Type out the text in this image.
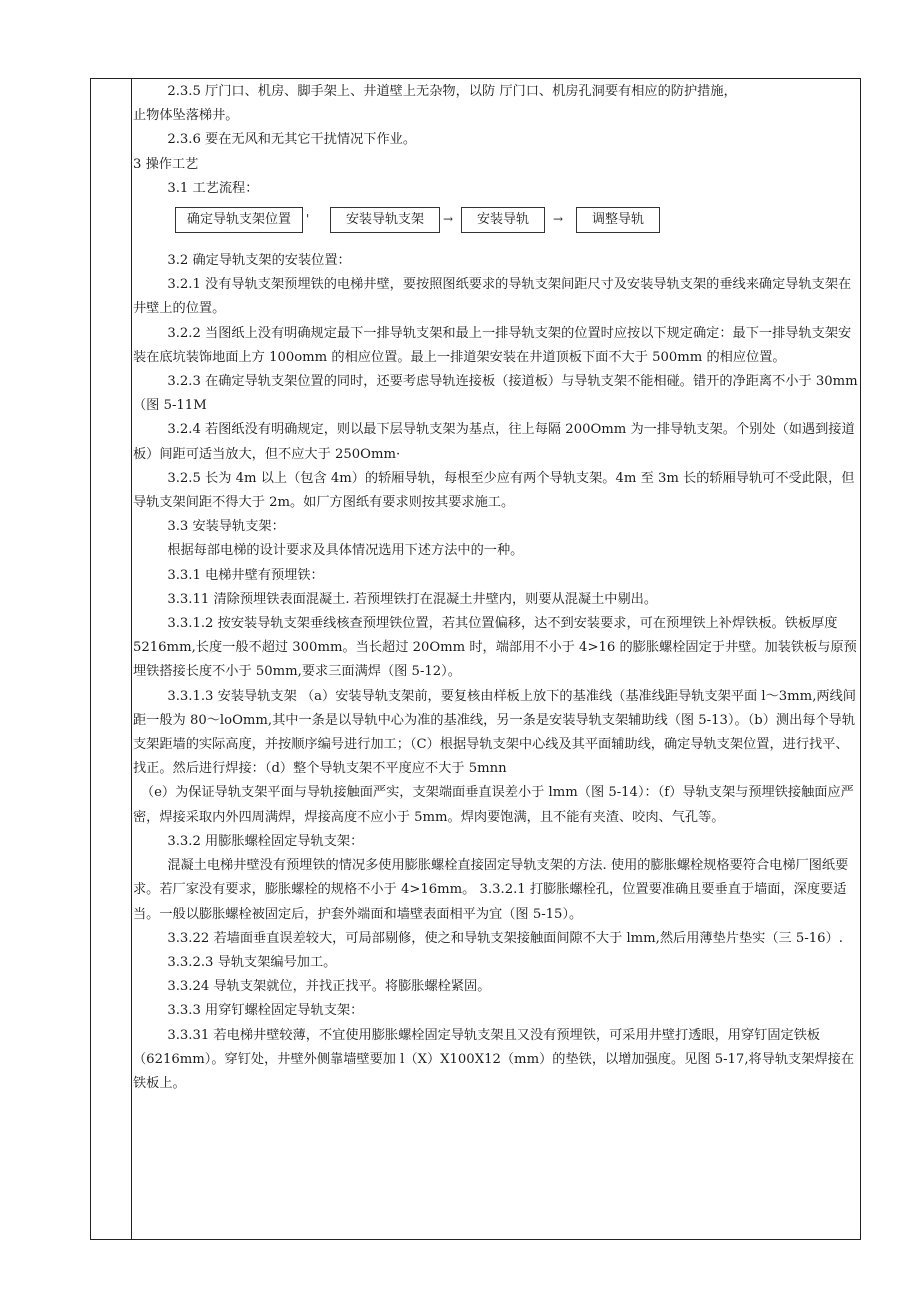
2.3.5 厅门口、机房、脚手架上、井道壁上无杂物，以防 厅门口、机房孔洞要有相应的防护措施，

止物体坠落梯井。

2.3.6 要在无风和无其它干扰情况下作业。

3 操作工艺

3.1 工艺流程：

确定导轨支架位置	'	安装导轨支架	→	安装导轨	→	调整导轨

3.2 确定导轨支架的安装位置：

3.2.1 没有导轨支架预埋铁的电梯井壁，要按照图纸要求的导轨支架间距尺寸及安装导轨支架的垂线来确定导轨支架在井壁上的位置。

3.2.2 当图纸上没有明确规定最下一排导轨支架和最上一排导轨支架的位置时应按以下规定确定：最下一排导轨支架安装在底坑装饰地面上方 100omm 的相应位置。最上一排道架安装在井道顶板下面不大于 500mm 的相应位置。

3.2.3 在确定导轨支架位置的同时，还要考虑导轨连接板（接道板）与导轨支架不能相碰。错开的净距离不小于 30mm（图 5-11M

3.2.4 若图纸没有明确规定，则以最下层导轨支架为基点，往上每隔 200Omm 为一排导轨支架。个别处（如遇到接道板）间距可适当放大，但不应大于 250Omm·

3.2.5 长为 4m 以上（包含 4m）的轿厢导轨，每根至少应有两个导轨支架。4m 至 3m 长的轿厢导轨可不受此限，但导轨支架间距不得大于 2m。如厂方图纸有要求则按其要求施工。

3.3 安装导轨支架：

根据每部电梯的设计要求及具体情况选用下述方法中的一种。

3.3.1 电梯井壁有预埋铁：

3.3.11 清除预埋铁表面混凝土. 若预埋铁打在混凝土井壁内，则要从混凝土中剔出。

3.3.1.2 按安装导轨支架垂线核查预埋铁位置，若其位置偏移，达不到安装要求，可在预埋铁上补焊铁板。铁板厚度 5216mm,长度一般不超过 300mm。当长超过 20Omm 时，端部用不小于 4>16 的膨胀螺栓固定于井壁。加装铁板与原预埋铁搭接长度不小于 50mm,要求三面满焊（图 5-12）。

3.3.1.3 安装导轨支架 （a）安装导轨支架前，要复核由样板上放下的基准线（基准线距导轨支架平面 l～3mm,两线间距一般为 80～loOmm,其中一条是以导轨中心为准的基准线，另一条是安装导轨支架辅助线（图 5-13）。（b）测出每个导轨支架距墙的实际高度，并按顺序编号进行加工；（C）根据导轨支架中心线及其平面辅助线，确定导轨支架位置，进行找平、找正。然后进行焊接：（d）整个导轨支架不平度应不大于 5mnn

（e）为保证导轨支架平面与导轨接触面严实，支架端面垂直误差小于 lmm（图 5-14）：（f）导轨支架与预埋铁接触面应严密，焊接采取内外四周满焊，焊接高度不应小于 5mm。焊肉要饱满，且不能有夹渣、咬肉、气孔等。

3.3.2 用膨胀螺栓固定导轨支架：

混凝土电梯井壁没有预埋铁的情况多使用膨胀螺栓直接固定导轨支架的方法. 使用的膨胀螺栓规格要符合电梯厂图纸要求。若厂家没有要求，膨胀螺栓的规格不小于 4>16mm。 3.3.2.1 打膨胀螺栓孔，位置要准确且要垂直于墙面，深度要适当。一般以膨胀螺栓被固定后，护套外端面和墙壁表面相平为宜（图 5-15）。

3.3.22 若墙面垂直误差较大，可局部剔修，使之和导轨支架接触面间隙不大于 lmm,然后用薄垫片垫实（三 5-16）.

3.3.2.3 导轨支架编号加工。

3.3.24 导轨支架就位，并找正找平。将膨胀螺栓紧固。

3.3.3 用穿钉螺栓固定导轨支架：

3.3.31 若电梯井壁较薄，不宜使用膨胀螺栓固定导轨支架且又没有预埋铁，可采用井壁打透眼，用穿钉固定铁板（6216mm）。穿钉处，井壁外侧靠墙壁要加 l（X）X100X12（mm）的垫铁，以增加强度。见图 5-17,将导轨支架焊接在铁板上。
